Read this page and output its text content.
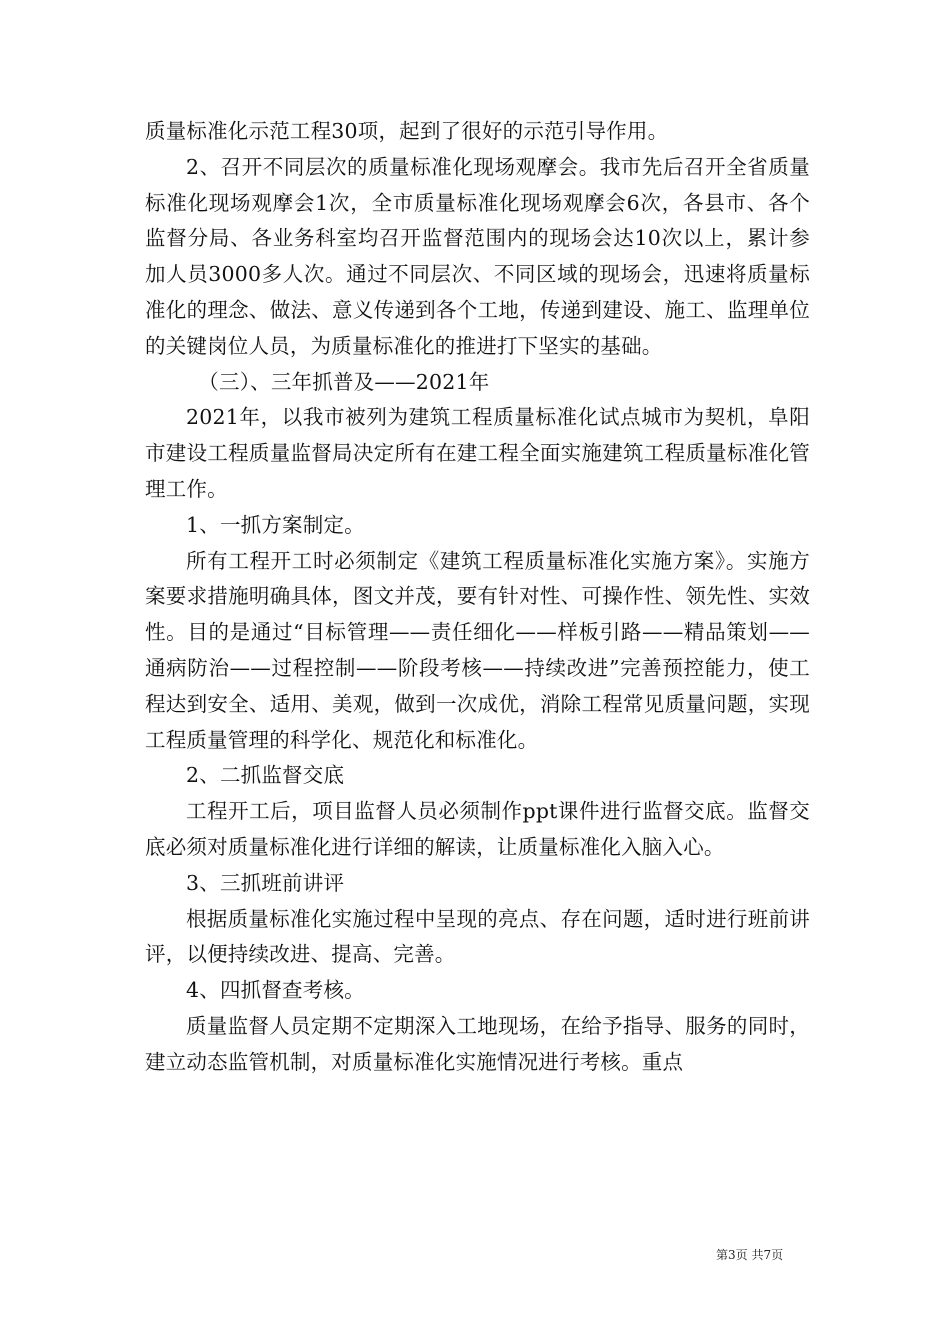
质量标准化示范工程30项，起到了很好的示范引导作用。

2、召开不同层次的质量标准化现场观摩会。我市先后召开全省质量标准化现场观摩会1次，全市质量标准化现场观摩会6次，各县市、各个监督分局、各业务科室均召开监督范围内的现场会达10次以上，累计参加人员3000多人次。通过不同层次、不同区域的现场会，迅速将质量标准化的理念、做法、意义传递到各个工地，传递到建设、施工、监理单位的关键岗位人员，为质量标准化的推进打下坚实的基础。

（三）、三年抓普及——2021年

2021年，以我市被列为建筑工程质量标准化试点城市为契机，阜阳市建设工程质量监督局决定所有在建工程全面实施建筑工程质量标准化管理工作。

1、一抓方案制定。

所有工程开工时必须制定《建筑工程质量标准化实施方案》。实施方案要求措施明确具体，图文并茂，要有针对性、可操作性、领先性、实效性。目的是通过“目标管理——责任细化——样板引路——精品策划——通病防治——过程控制——阶段考核——持续改进”完善预控能力，使工程达到安全、适用、美观，做到一次成优，消除工程常见质量问题，实现工程质量管理的科学化、规范化和标准化。

2、二抓监督交底

工程开工后，项目监督人员必须制作ppt课件进行监督交底。监督交底必须对质量标准化进行详细的解读，让质量标准化入脑入心。

3、三抓班前讲评

根据质量标准化实施过程中呈现的亮点、存在问题，适时进行班前讲评，以便持续改进、提高、完善。

4、四抓督查考核。

质量监督人员定期不定期深入工地现场，在给予指导、服务的同时，建立动态监管机制，对质量标准化实施情况进行考核。重点

第3页 共7页
